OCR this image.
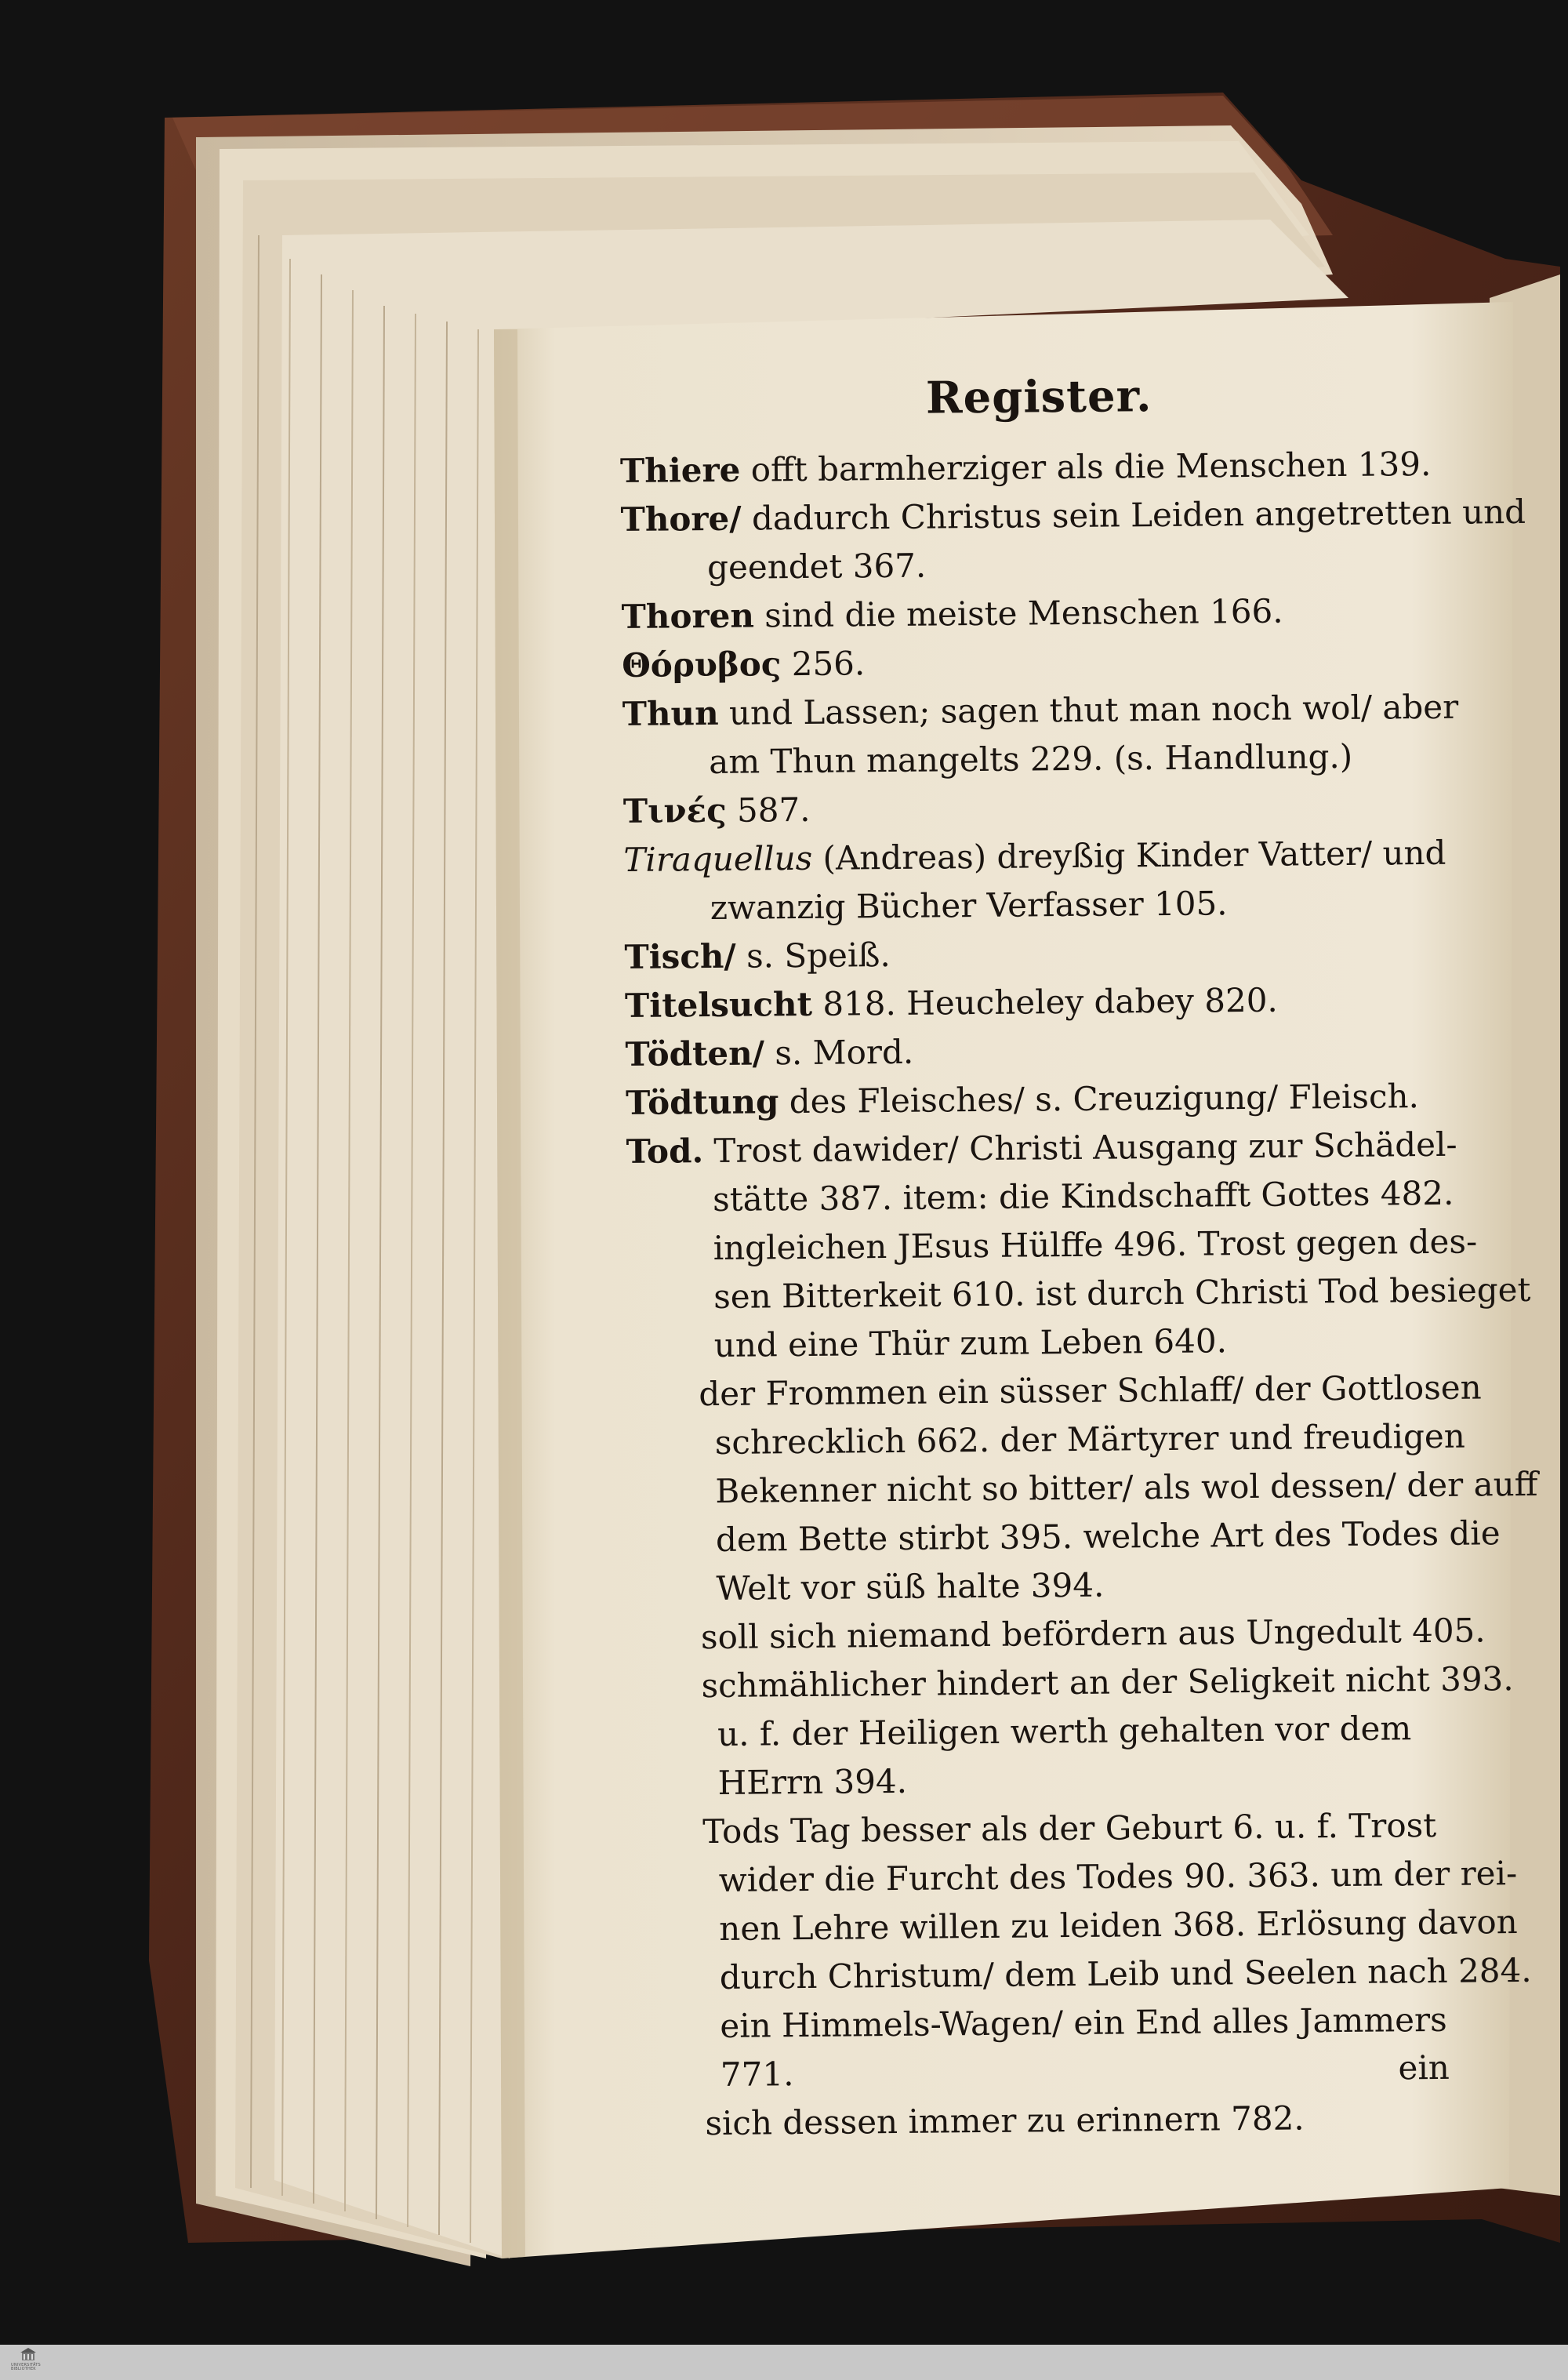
Register.
Thiere offt barmherziger als die Menschen 139.
Thore/ dadurch Christus sein Leiden angetretten und
geendet 367.
Thoren sind die meiste Menschen 166.
Θόρυβος 256.
Thun und Lassen; sagen thut man noch wol/ aber
am Thun mangelts 229. (s. Handlung.)
Τινές 587.
Tiraquellus (Andreas) dreyßig Kinder Vatter/ und
zwanzig Bücher Verfasser 105.
Tisch/ s. Speiß.
Titelsucht 818. Heucheley dabey 820.
Tödten/ s. Mord.
Tödtung des Fleisches/ s. Creuzigung/ Fleisch.
Tod. Trost dawider/ Christi Ausgang zur Schädel-
stätte 387. item: die Kindschafft Gottes 482.
ingleichen JEsus Hülffe 496. Trost gegen des-
sen Bitterkeit 610. ist durch Christi Tod besieget
und eine Thür zum Leben 640.
der Frommen ein süsser Schlaff/ der Gottlosen
schrecklich 662. der Märtyrer und freudigen
Bekenner nicht so bitter/ als wol dessen/ der auff
dem Bette stirbt 395. welche Art des Todes die
Welt vor süß halte 394.
soll sich niemand befördern aus Ungedult 405.
schmählicher hindert an der Seligkeit nicht 393.
u. f. der Heiligen werth gehalten vor dem
HErrn 394.
Tods Tag besser als der Geburt 6. u. f. Trost
wider die Furcht des Todes 90. 363. um der rei-
nen Lehre willen zu leiden 368. Erlösung davon
durch Christum/ dem Leib und Seelen nach 284.
ein Himmels-Wagen/ ein End alles Jammers
771.
sich dessen immer zu erinnern 782.
ein
UNIVERSITÄTS BIBLIOTHEK
